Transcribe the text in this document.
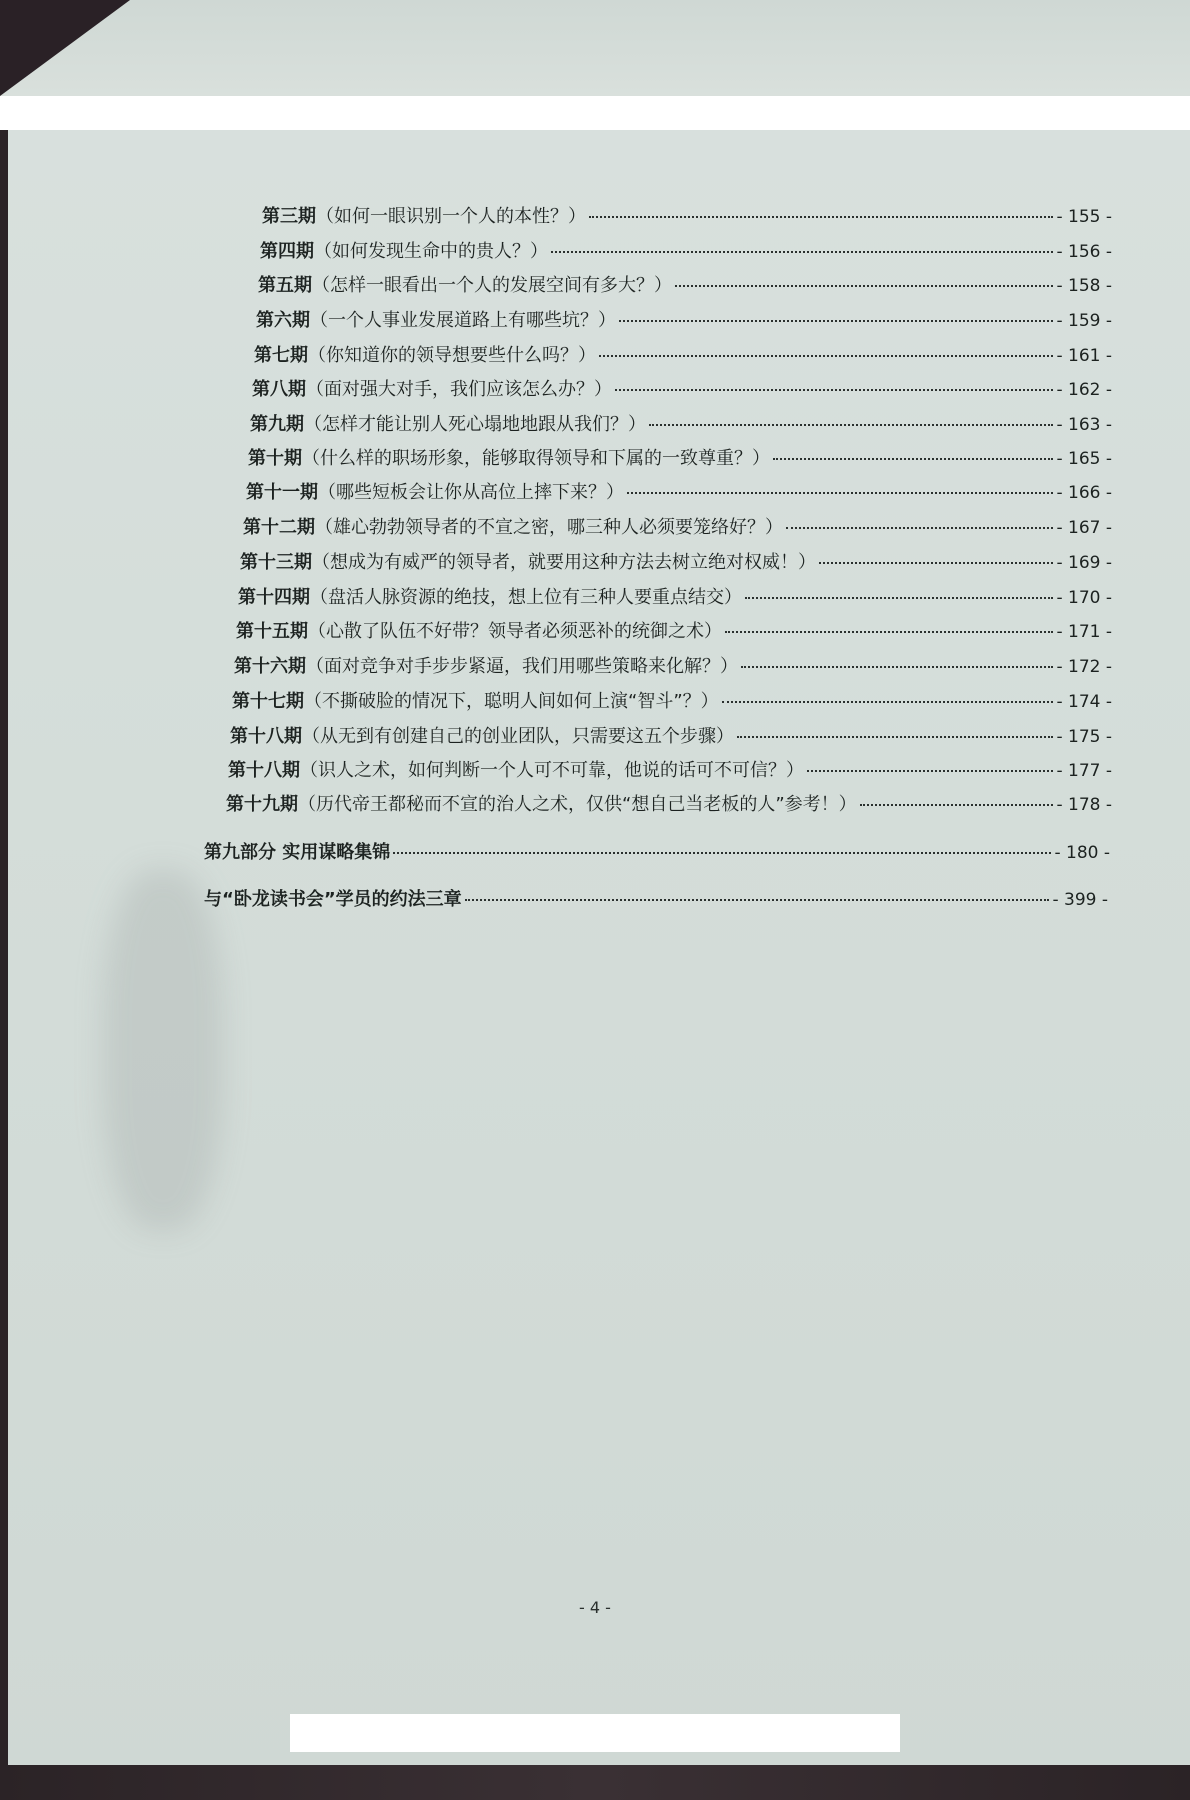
第三期 （如何一眼识别一个人的本性？）	- 155 -
第四期 （如何发现生命中的贵人？）	- 156 -
第五期 （怎样一眼看出一个人的发展空间有多大？）	- 158 -
第六期 （一个人事业发展道路上有哪些坑？）	- 159 -
第七期 （你知道你的领导想要些什么吗？）	- 161 -
第八期 （面对强大对手，我们应该怎么办？）	- 162 -
第九期 （怎样才能让别人死心塌地地跟从我们？）	- 163 -
第十期 （什么样的职场形象，能够取得领导和下属的一致尊重？）	- 165 -
第十一期 （哪些短板会让你从高位上摔下来？）	- 166 -
第十二期 （雄心勃勃领导者的不宣之密，哪三种人必须要笼络好？）	- 167 -
第十三期 （想成为有威严的领导者，就要用这种方法去树立绝对权威！）	- 169 -
第十四期 （盘活人脉资源的绝技，想上位有三种人要重点结交）	- 170 -
第十五期 （心散了队伍不好带？领导者必须恶补的统御之术）	- 171 -
第十六期 （面对竞争对手步步紧逼，我们用哪些策略来化解？）	- 172 -
第十七期 （不撕破脸的情况下，聪明人间如何上演“智斗”？）	- 174 -
第十八期 （从无到有创建自己的创业团队，只需要这五个步骤）	- 175 -
第十八期 （识人之术，如何判断一个人可不可靠，他说的话可不可信？）	- 177 -
第十九期 （历代帝王都秘而不宣的治人之术，仅供“想自己当老板的人”参考！）	- 178 -
第九部分 实用谋略集锦	- 180 -
与“卧龙读书会”学员的约法三章	- 399 -
- 4 -
